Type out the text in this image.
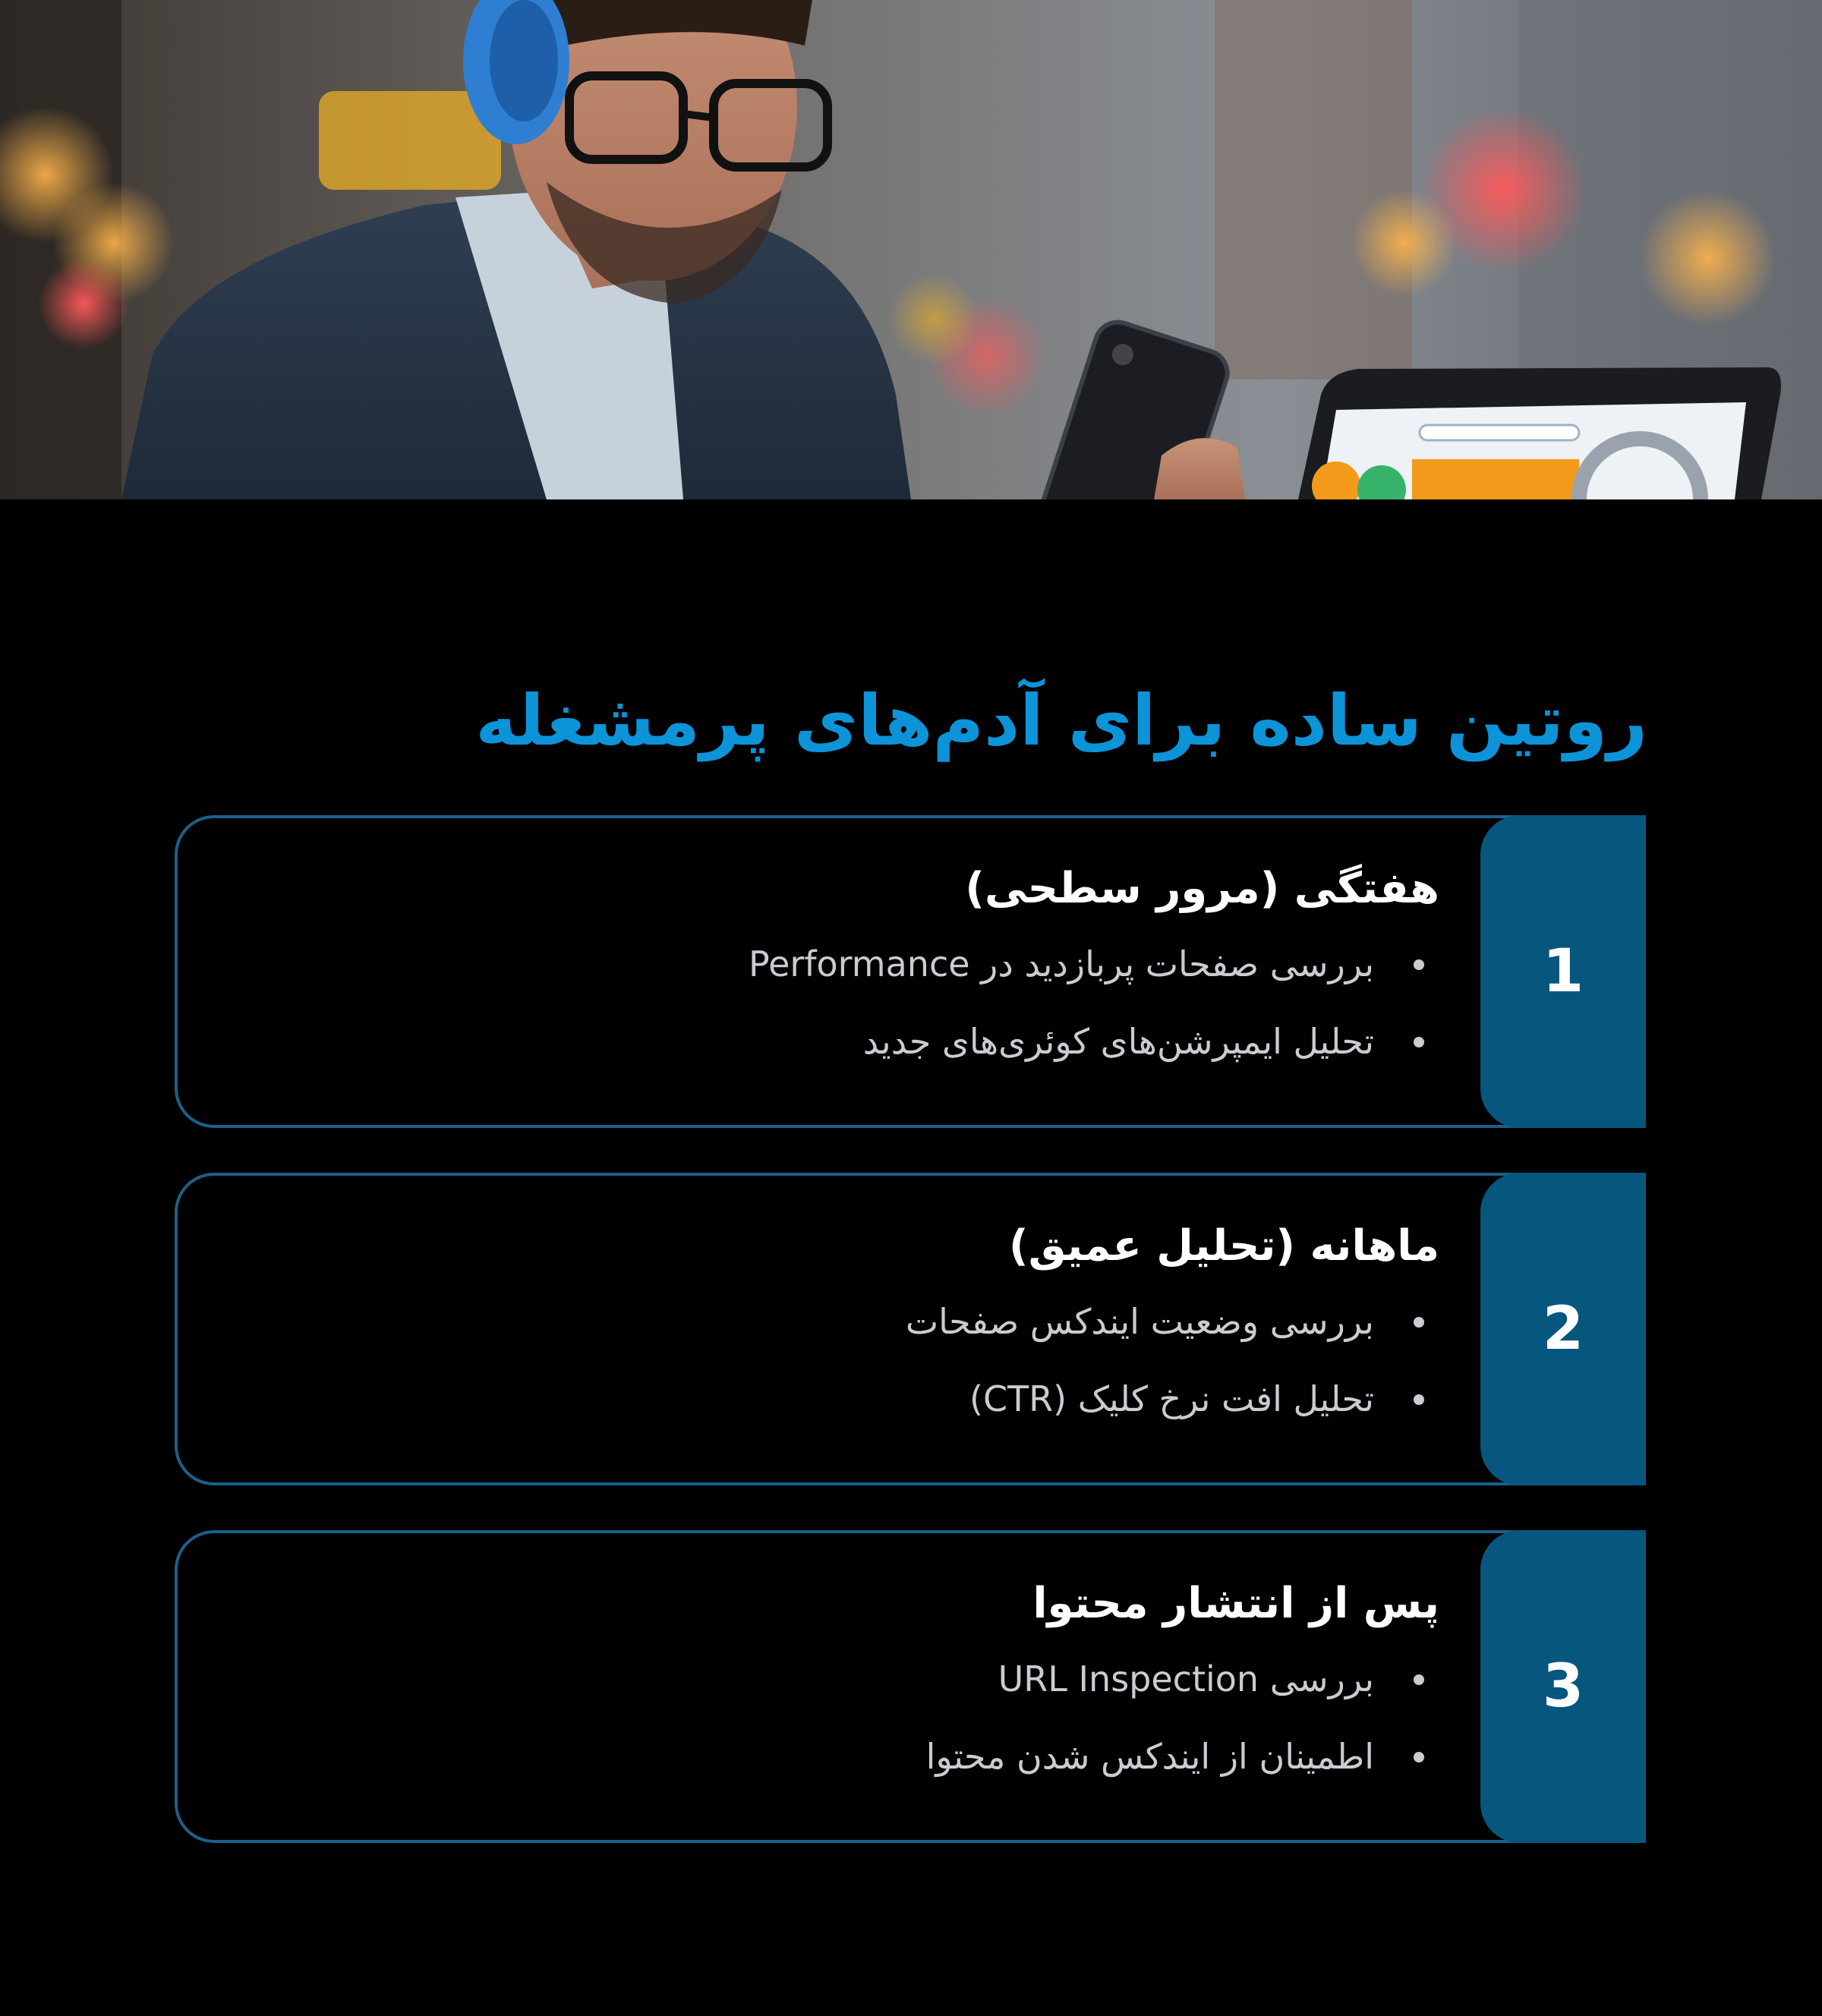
روتین ساده برای آدم‌های پرمشغله
1
هفتگی (مرور سطحی)
بررسی صفحات پربازدید در Performance
تحلیل ایمپرشن‌های کوئری‌های جدید
2
ماهانه (تحلیل عمیق)
بررسی وضعیت ایندکس صفحات
تحلیل افت نرخ کلیک (CTR)
3
پس از انتشار محتوا
بررسی URL Inspection
اطمینان از ایندکس شدن محتوا
